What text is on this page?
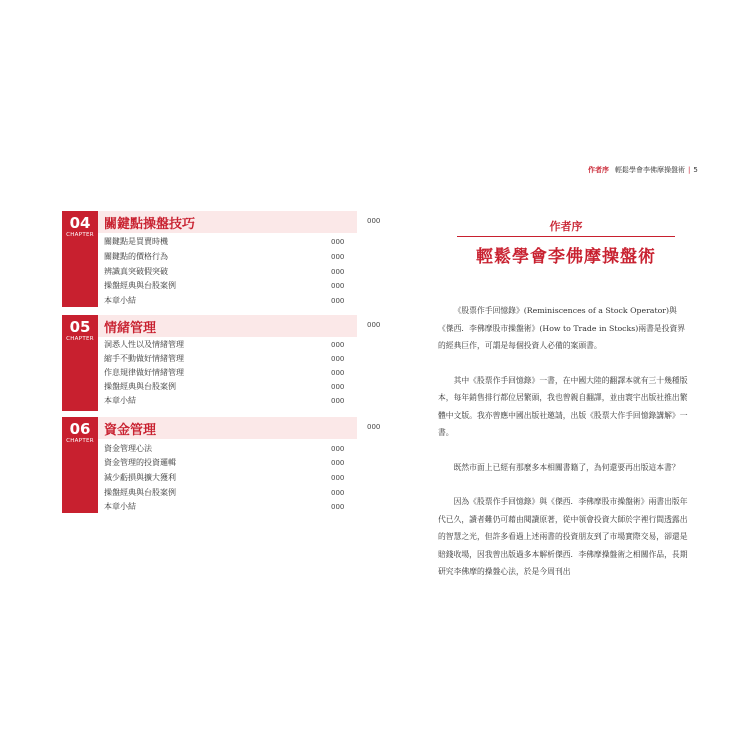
04
CHAPTER
關鍵點操盤技巧	000
關鍵點是買賣時機	000
關鍵點的價格行為	000
辨識真突破假突破	000
操盤經典與台股案例	000
本章小結	000
05
CHAPTER
情緒管理	000
洞悉人性以及情緒管理	000
縮手不動做好情緒管理	000
作息規律做好情緒管理	000
操盤經典與台股案例	000
本章小結	000
06
CHAPTER
資金管理	000
資金管理心法	000
資金管理的投資邏輯	000
減少虧損與擴大獲利	000
操盤經典與台股案例	000
本章小結	000
作者序 輕鬆學會李佛摩操盤術 | 5
作者序
輕鬆學會李佛摩操盤術

《股票作手回憶錄》(Reminiscences of a Stock Operator)與《傑西．李佛摩股市操盤術》(How to Trade in Stocks)兩書是投資界的經典巨作，可謂是每個投資人必備的案頭書。

其中《股票作手回憶錄》一書，在中國大陸的翻譯本就有三十幾種版本，每年銷售排行都位居繁頭，我也曾親自翻譯，並由寰宇出版社推出繁體中文版。我亦曾應中國出版社邀請，出版《股票大作手回憶錄講解》一書。

既然市面上已經有那麼多本相關書籍了，為何還要再出版這本書？

因為《股票作手回憶錄》與《傑西．李佛摩股市操盤術》兩書出版年代已久，讀者難仍可藉由閱讀原著，從中領會投資大師於字裡行間透露出的智慧之光，但許多看過上述兩書的投資朋友到了市場實際交易，卻還是賠錢收場，因我曾出版過多本解析傑西．李佛摩操盤術之相關作品，長期研究李佛摩的操盤心法，於是今周刊出
